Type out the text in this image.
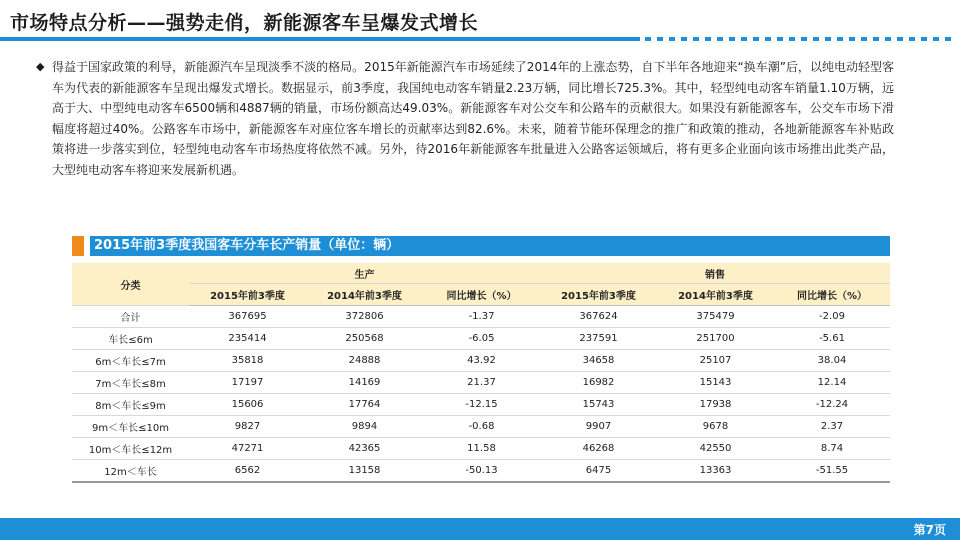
市场特点分析——强势走俏，新能源客车呈爆发式增长
◆ 得益于国家政策的利导，新能源汽车呈现淡季不淡的格局。2015年新能源汽车市场延续了2014年的上涨态势，自下半年各地迎来“换车潮”后，以纯电动轻型客车为代表的新能源客车呈现出爆发式增长。数据显示，前3季度，我国纯电动客车销量2.23万辆，同比增长725.3%。其中，轻型纯电动客车销量1.10万辆，远高于大、中型纯电动客车6500辆和4887辆的销量，市场份额高达49.03%。新能源客车对公交车和公路车的贡献很大。如果没有新能源客车，公交车市场下滑幅度将超过40%。公路客车市场中，新能源客车对座位客车增长的贡献率达到82.6%。未来，随着节能环保理念的推广和政策的推动，各地新能源客车补贴政策将进一步落实到位，轻型纯电动客车市场热度将依然不减。另外，待2016年新能源客车批量进入公路客运领域后，将有更多企业面向该市场推出此类产品，大型纯电动客车将迎来发展新机遇。

2015年前3季度我国客车分车长产销量（单位：辆）
分类	生产			销售		
	2015年前3季度	2014年前3季度	同比增长（%）	2015年前3季度	2014年前3季度	同比增长（%）
合计	367695	372806	-1.37	367624	375479	-2.09
车长≤6m	235414	250568	-6.05	237591	251700	-5.61
6m＜车长≤7m	35818	24888	43.92	34658	25107	38.04
7m＜车长≤8m	17197	14169	21.37	16982	15143	12.14
8m＜车长≤9m	15606	17764	-12.15	15743	17938	-12.24
9m＜车长≤10m	9827	9894	-0.68	9907	9678	2.37
10m＜车长≤12m	47271	42365	11.58	46268	42550	8.74
12m＜车长	6562	13158	-50.13	6475	13363	-51.55
第7页
